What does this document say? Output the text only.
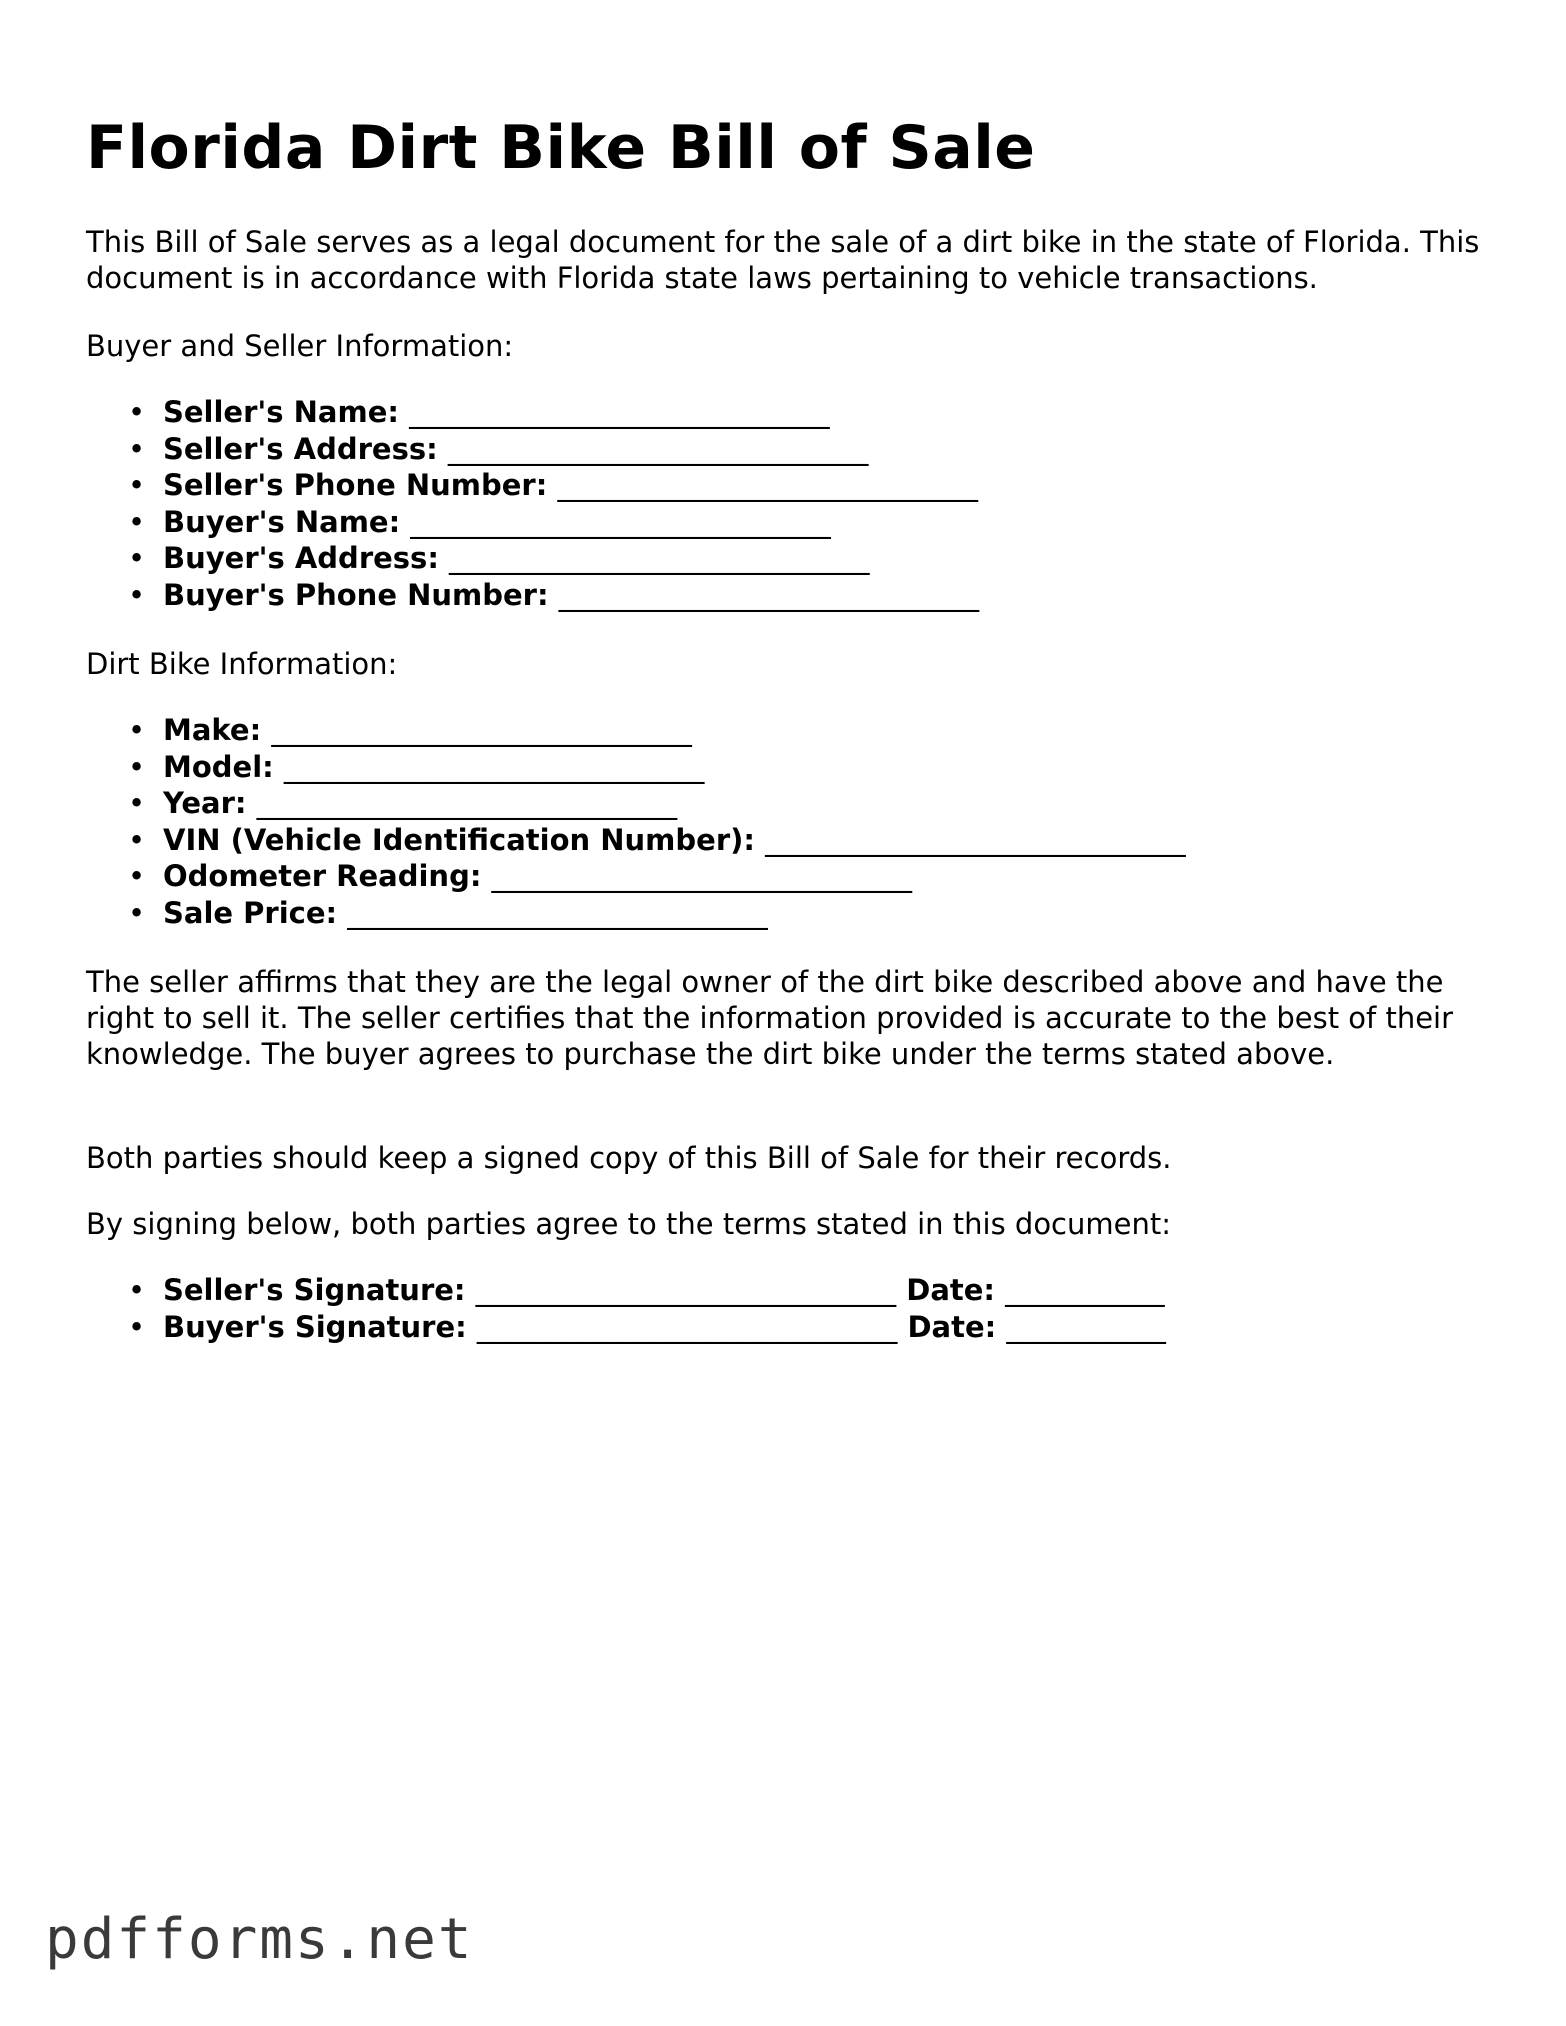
Florida Dirt Bike Bill of Sale

This Bill of Sale serves as a legal document for the sale of a dirt bike in the state of Florida. This document is in accordance with Florida state laws pertaining to vehicle transactions.

Buyer and Seller Information:

• Seller's Name: _____________________________
• Seller's Address: _____________________________
• Seller's Phone Number: _____________________________
• Buyer's Name: _____________________________
• Buyer's Address: _____________________________
• Buyer's Phone Number: _____________________________

Dirt Bike Information:

• Make: _____________________________
• Model: _____________________________
• Year: _____________________________
• VIN (Vehicle Identification Number): _____________________________
• Odometer Reading: _____________________________
• Sale Price: _____________________________

The seller affirms that they are the legal owner of the dirt bike described above and have the right to sell it. The seller certifies that the information provided is accurate to the best of their knowledge. The buyer agrees to purchase the dirt bike under the terms stated above.

Both parties should keep a signed copy of this Bill of Sale for their records.

By signing below, both parties agree to the terms stated in this document:

• Seller's Signature: _____________________________ Date: ___________
• Buyer's Signature: _____________________________ Date: ___________
pdfforms.net
